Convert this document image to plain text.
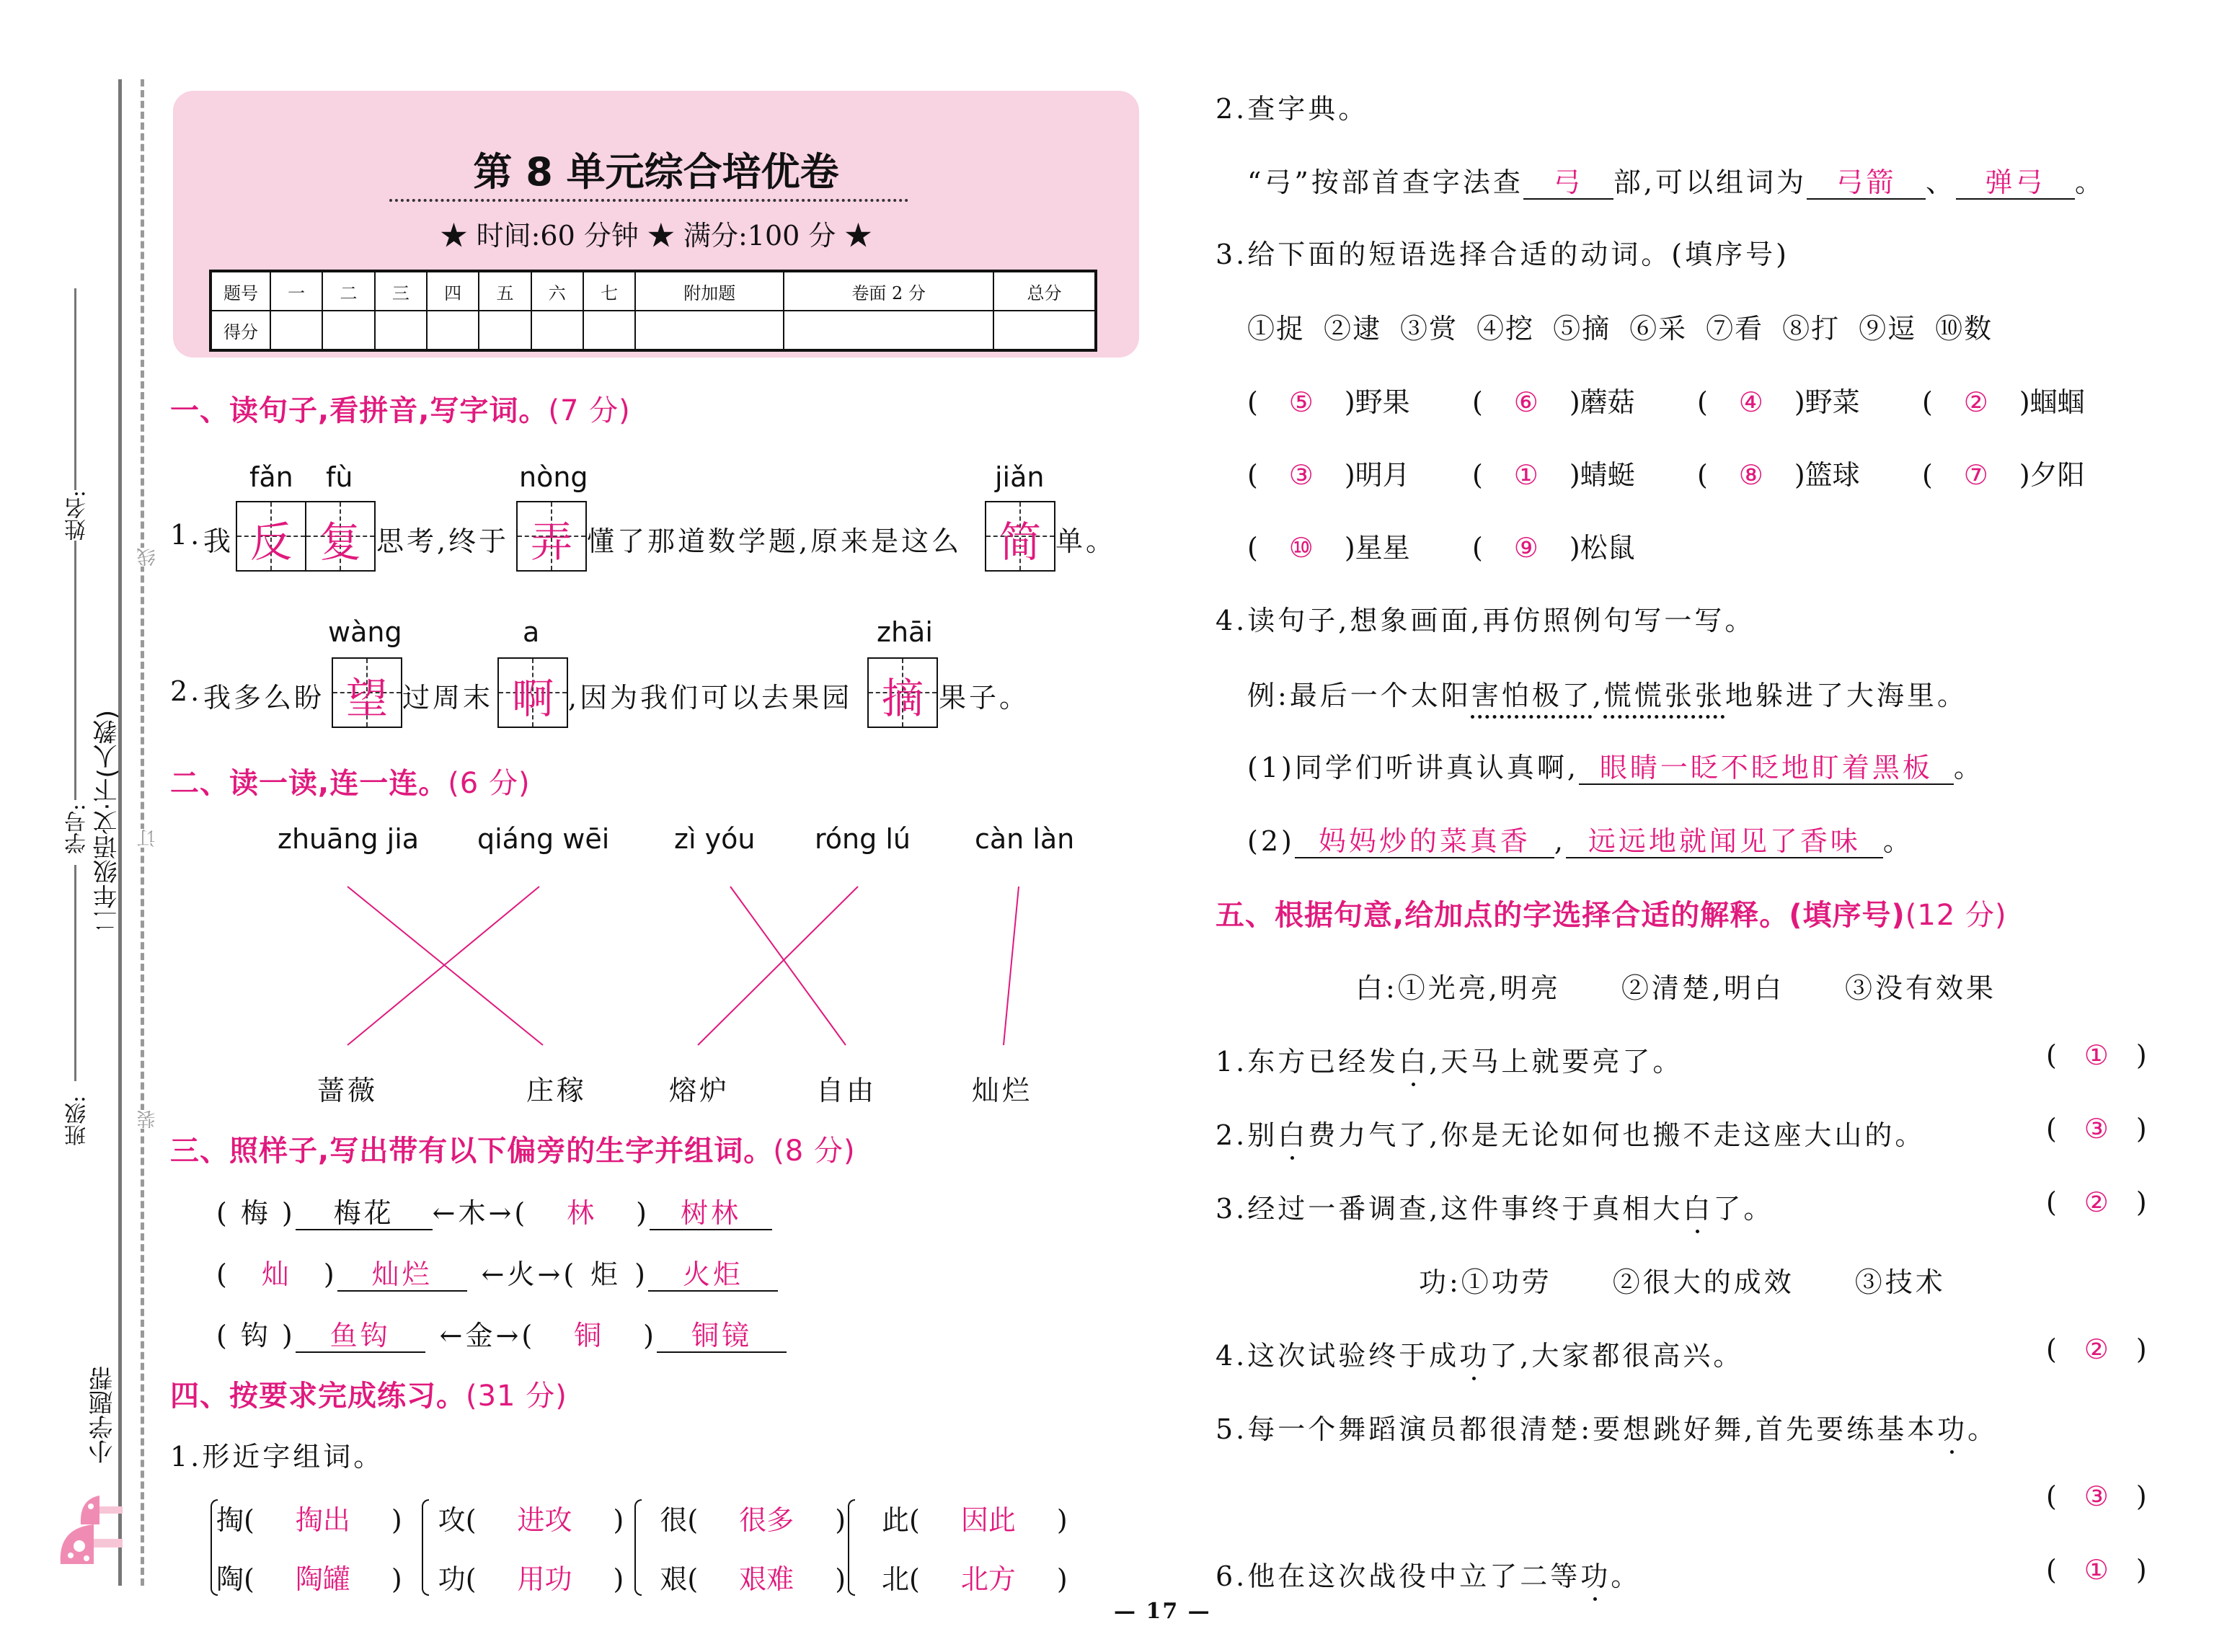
姓名:
学号:
班级:
二年级语文·下(人教)
线
订
装
小学题帮
第 8 单元综合培优卷
★ 时间:60 分钟 ★ 满分:100 分 ★
题号	一	二	三	四	五	六	七	附加题	卷面 2 分	总分
得分										
一、读句子,看拼音,写字词。(7 分)
fǎn fù	nòng	jiǎn
1. 我 反 复 思考,终于 弄 懂了那道数学题,原来是这么 简 单。
wàng	a	zhāi
2. 我多么盼 望 过周末 啊 ,因为我们可以去果园 摘 果子。
二、读一读,连一连。(6 分)
zhuāng jia qiáng wēi zì yóu róng lú càn làn
蔷薇	庄稼	熔炉	自由	灿烂
三、照样子,写出带有以下偏旁的生字并组词。(8 分)
( 梅 ) 梅花 ←木→( 林 ) 树林
( 灿 ) 灿烂 ←火→( 炬 ) 火炬
( 钩 ) 鱼钩 ←金→( 铜 ) 铜镜
四、按要求完成练习。(31 分)
1.形近字组词。
掏( 掏出 ) 攻( 进攻 ) 很( 很多 ) 此( 因此 )
陶( 陶罐 ) 功( 用功 ) 艰( 艰难 ) 北( 北方 )
2.查字典。
“弓”按部首查字法查 弓 部,可以组词为 弓箭 、 弹弓 。
3.给下面的短语选择合适的动词。(填序号)
①捉 ②逮 ③赏 ④挖 ⑤摘 ⑥采 ⑦看 ⑧打 ⑨逗 ⑩数
( ⑤ )野果 ( ⑥ )蘑菇 ( ④ )野菜 ( ② )蝈蝈
( ③ )明月 ( ① )蜻蜓 ( ⑧ )篮球 ( ⑦ )夕阳
( ⑩ )星星 ( ⑨ )松鼠
4.读句子,想象画面,再仿照例句写一写。
例:最后一个太阳害怕极了,慌慌张张地躲进了大海里。
(1)同学们听讲真认真啊, 眼睛一眨不眨地盯着黑板 。
(2) 妈妈炒的菜真香 , 远远地就闻见了香味 。
五、根据句意,给加点的字选择合适的解释。(填序号)(12 分)
白:①光亮,明亮　　②清楚,明白　　③没有效果
1.东方已经发白,天马上就要亮了。	( ① )
2.别白费力气了,你是无论如何也搬不走这座大山的。	( ③ )
3.经过一番调查,这件事终于真相大白了。	( ② )
功:①功劳　　②很大的成效　　③技术
4.这次试验终于成功了,大家都很高兴。	( ② )
5.每一个舞蹈演员都很清楚:要想跳好舞,首先要练基本功。
( ③ )
6.他在这次战役中立了二等功。	( ① )
— 17 —
